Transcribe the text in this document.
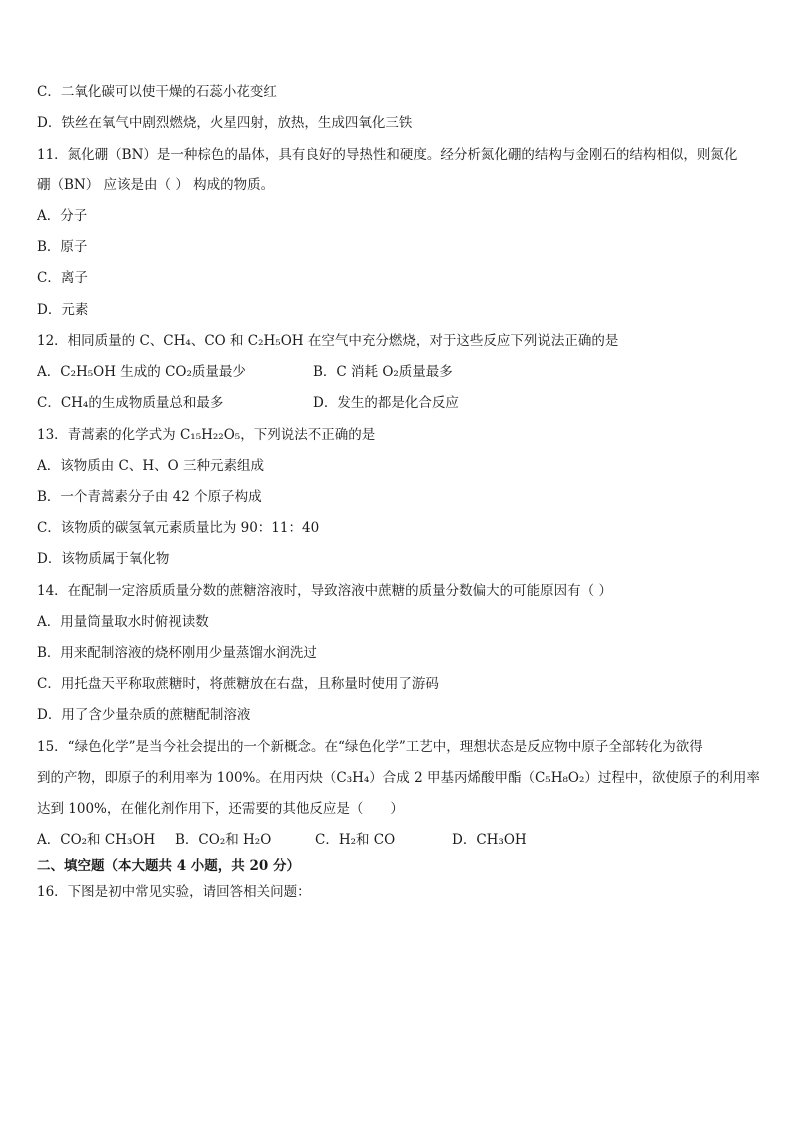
C．二氧化碳可以使干燥的石蕊小花变红
D．铁丝在氧气中剧烈燃烧，火星四射，放热，生成四氧化三铁
11．氮化硼（BN）是一种棕色的晶体，具有良好的导热性和硬度。经分析氮化硼的结构与金刚石的结构相似，则氮化
硼（BN） 应该是由（ ） 构成的物质。
A．分子
B．原子
C．离子
D．元素
12．相同质量的 C、CH₄、CO 和 C₂H₅OH 在空气中充分燃烧，对于这些反应下列说法正确的是
A．C₂H₅OH 生成的 CO₂质量最少	B．C 消耗 O₂质量最多
C．CH₄的生成物质量总和最多	D．发生的都是化合反应
13．青蒿素的化学式为 C₁₅H₂₂O₅，下列说法不正确的是
A．该物质由 C、H、O 三种元素组成
B．一个青蒿素分子由 42 个原子构成
C．该物质的碳氢氧元素质量比为 90：11：40
D．该物质属于氧化物
14．在配制一定溶质质量分数的蔗糖溶液时，导致溶液中蔗糖的质量分数偏大的可能原因有（ ）
A．用量筒量取水时俯视读数
B．用来配制溶液的烧杯刚用少量蒸馏水润洗过
C．用托盘天平称取蔗糖时，将蔗糖放在右盘，且称量时使用了游码
D．用了含少量杂质的蔗糖配制溶液
15．“绿色化学”是当今社会提出的一个新概念。在“绿色化学”工艺中，理想状态是反应物中原子全部转化为欲得
到的产物，即原子的利用率为 100%。在用丙炔（C₃H₄）合成 2 甲基丙烯酸甲酯（C₅H₈O₂）过程中，欲使原子的利用率
达到 100%，在催化剂作用下，还需要的其他反应是（　　）
A．CO₂和 CH₃OH B．CO₂和 H₂O	C．H₂和 CO	D．CH₃OH
二、填空题（本大题共 4 小题，共 20 分）
16．下图是初中常见实验，请回答相关问题：
